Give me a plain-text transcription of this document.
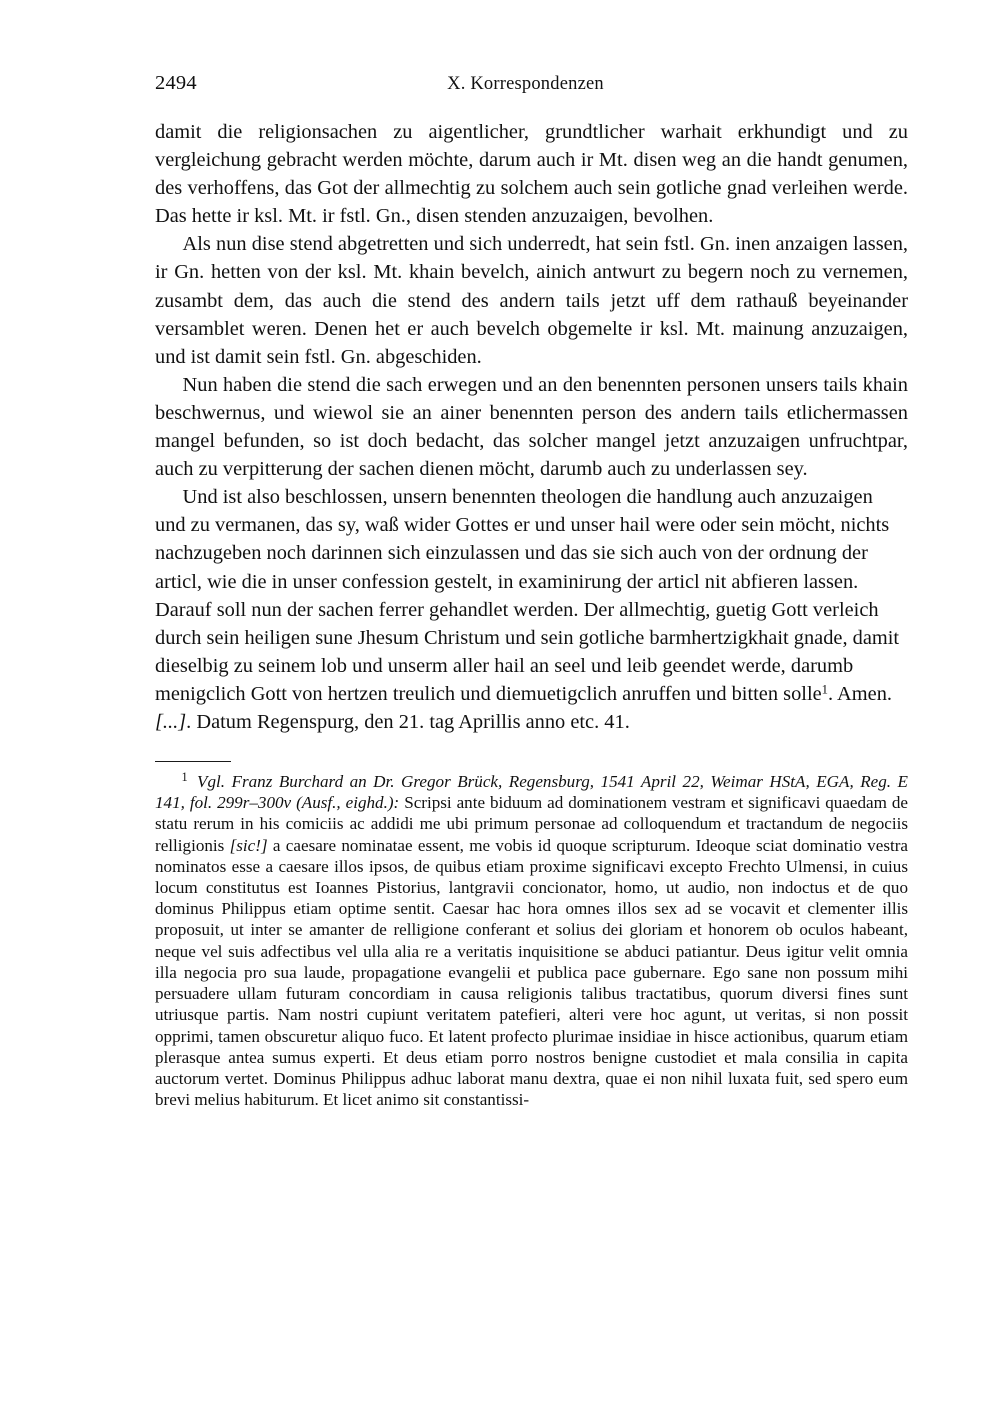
2494	X. Korrespondenzen

damit die religionsachen zu aigentlicher, grundtlicher warhait erkhundigt und zu vergleichung gebracht werden möchte, darum auch ir Mt. disen weg an die handt genumen, des verhoffens, das Got der allmechtig zu solchem auch sein gotliche gnad verleihen werde. Das hette ir ksl. Mt. ir fstl. Gn., disen stenden anzuzaigen, bevolhen.

Als nun dise stend abgetretten und sich underredt, hat sein fstl. Gn. inen anzaigen lassen, ir Gn. hetten von der ksl. Mt. khain bevelch, ainich antwurt zu begern noch zu vernemen, zusambt dem, das auch die stend des andern tails jetzt uff dem rathauß beyeinander versamblet weren. Denen het er auch bevelch obgemelte ir ksl. Mt. mainung anzuzaigen, und ist damit sein fstl. Gn. abgeschiden.

Nun haben die stend die sach erwegen und an den benennten personen unsers tails khain beschwernus, und wiewol sie an ainer benennten person des andern tails etlichermassen mangel befunden, so ist doch bedacht, das solcher mangel jetzt anzuzaigen unfruchtpar, auch zu verpitterung der sachen dienen möcht, darumb auch zu underlassen sey.

Und ist also beschlossen, unsern benennten theologen die handlung auch anzuzaigen und zu vermanen, das sy, waß wider Gottes er und unser hail were oder sein möcht, nichts nachzugeben noch darinnen sich einzulassen und das sie sich auch von der ordnung der articl, wie die in unser confession gestelt, in examinirung der articl nit abfieren lassen. Darauf soll nun der sachen ferrer gehandlet werden. Der allmechtig, guetig Gott verleich durch sein heiligen sune Jhesum Christum und sein gotliche barmhertzigkhait gnade, damit dieselbig zu seinem lob und unserm aller hail an seel und leib geendet werde, darumb menigclich Gott von hertzen treulich und diemuetigclich anruffen und bitten solle$^1$. Amen. [...]. Datum Regenspurg, den 21. tag Aprillis anno etc. 41.

$^1$ Vgl. Franz Burchard an Dr. Gregor Brück, Regensburg, 1541 April 22, Weimar HStA, EGA, Reg. E 141, fol. 299r–300v (Ausf., eighd.): Scripsi ante biduum ad dominationem vestram et significavi quaedam de statu rerum in his comiciis ac addidi me ubi primum personae ad colloquendum et tractandum de negociis relligionis [sic!] a caesare nominatae essent, me vobis id quoque scripturum. Ideoque sciat dominatio vestra nominatos esse a caesare illos ipsos, de quibus etiam proxime significavi excepto Frechto Ulmensi, in cuius locum constitutus est Ioannes Pistorius, lantgravii concionator, homo, ut audio, non indoctus et de quo dominus Philippus etiam optime sentit. Caesar hac hora omnes illos sex ad se vocavit et clementer illis proposuit, ut inter se amanter de relligione conferant et solius dei gloriam et honorem ob oculos habeant, neque vel suis adfectibus vel ulla alia re a veritatis inquisitione se abduci patiantur. Deus igitur velit omnia illa negocia pro sua laude, propagatione evangelii et publica pace gubernare. Ego sane non possum mihi persuadere ullam futuram concordiam in causa religionis talibus tractatibus, quorum diversi fines sunt utriusque partis. Nam nostri cupiunt veritatem patefieri, alteri vere hoc agunt, ut veritas, si non possit opprimi, tamen obscuretur aliquo fuco. Et latent profecto plurimae insidiae in hisce actionibus, quarum etiam plerasque antea sumus experti. Et deus etiam porro nostros benigne custodiet et mala consilia in capita auctorum vertet. Dominus Philippus adhuc laborat manu dextra, quae ei non nihil luxata fuit, sed spero eum brevi melius habiturum. Et licet animo sit constantissi-
